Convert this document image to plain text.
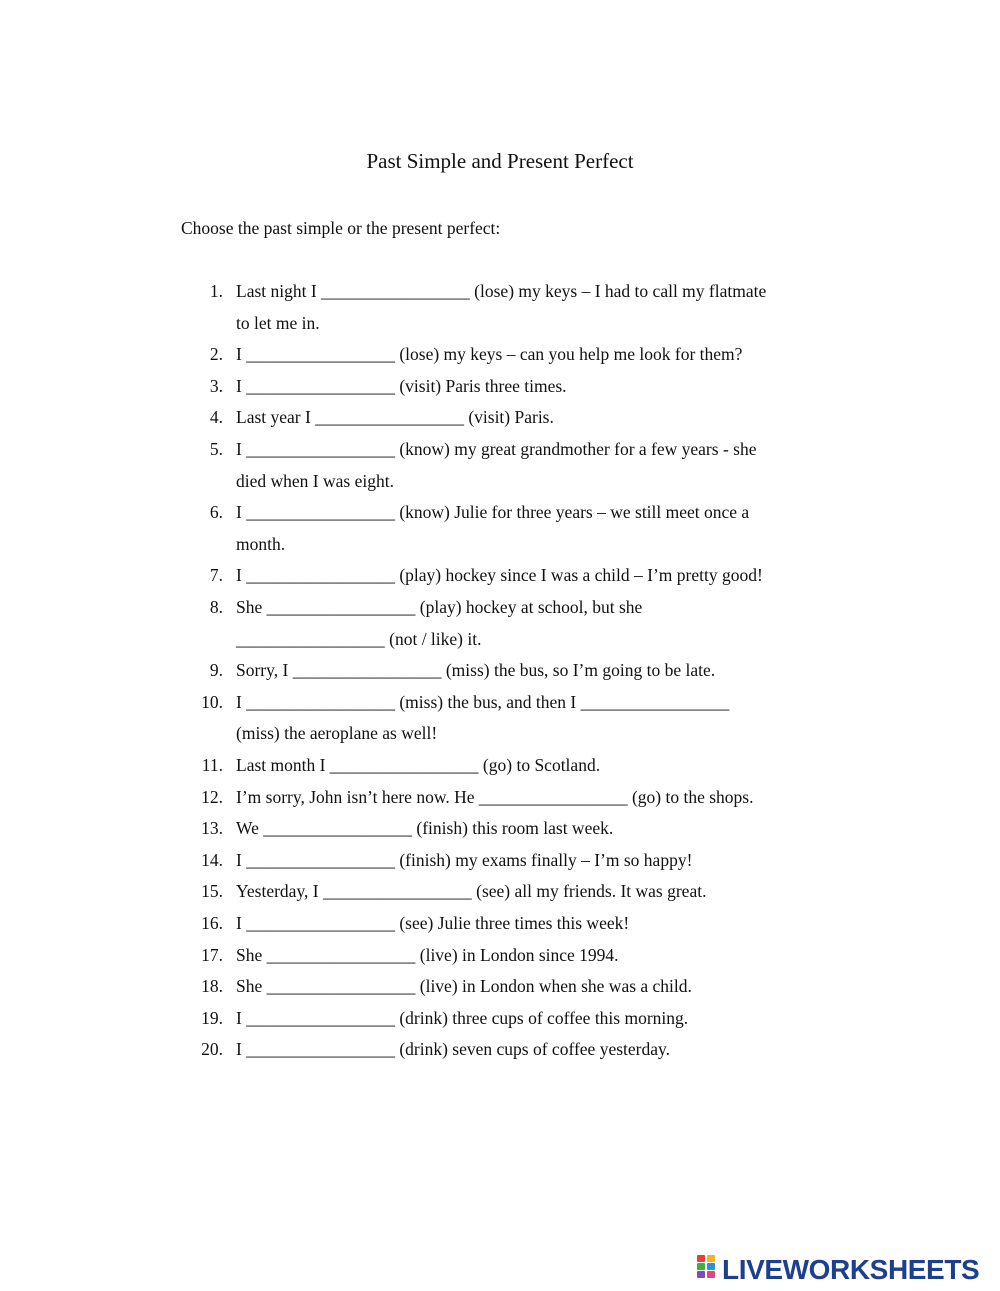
Past Simple and Present Perfect
Choose the past simple or the present perfect:
1. Last night I _________________ (lose) my keys – I had to call my flatmate
to let me in.
2. I _________________ (lose) my keys – can you help me look for them?
3. I _________________ (visit) Paris three times.
4. Last year I _________________ (visit) Paris.
5. I _________________ (know) my great grandmother for a few years - she
died when I was eight.
6. I _________________ (know) Julie for three years – we still meet once a
month.
7. I _________________ (play) hockey since I was a child – I’m pretty good!
8. She _________________ (play) hockey at school, but she
_________________ (not / like) it.
9. Sorry, I _________________ (miss) the bus, so I’m going to be late.
10. I _________________ (miss) the bus, and then I _________________
(miss) the aeroplane as well!
11. Last month I _________________ (go) to Scotland.
12. I’m sorry, John isn’t here now. He _________________ (go) to the shops.
13. We _________________ (finish) this room last week.
14. I _________________ (finish) my exams finally – I’m so happy!
15. Yesterday, I _________________ (see) all my friends. It was great.
16. I _________________ (see) Julie three times this week!
17. She _________________ (live) in London since 1994.
18. She _________________ (live) in London when she was a child.
19. I _________________ (drink) three cups of coffee this morning.
20. I _________________ (drink) seven cups of coffee yesterday.
LIVEWORKSHEETS
